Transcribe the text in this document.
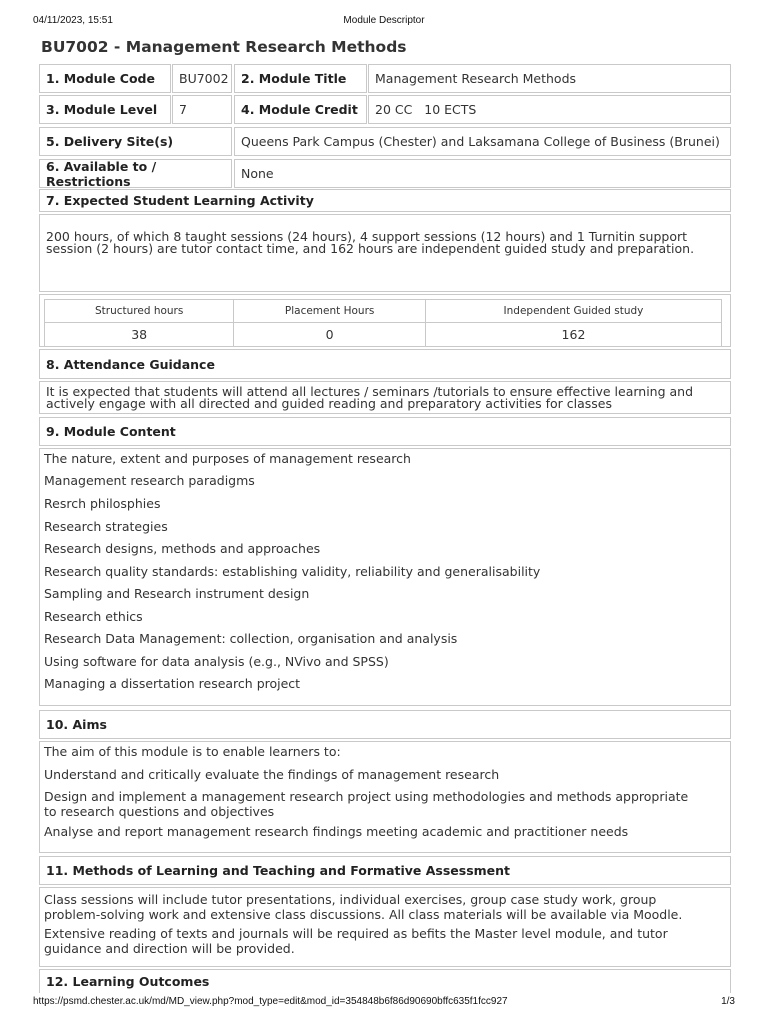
04/11/2023, 15:51	Module Descriptor
BU7002 - Management Research Methods
1. Module Code	BU7002 2. Module Title	Management Research Methods
3. Module Level	7	4. Module Credit	20 CC   10 ECTS
5. Delivery Site(s)	Queens Park Campus (Chester) and Laksamana College of Business (Brunei)
6. Available to / Restrictions	None
7. Expected Student Learning Activity
200 hours, of which 8 taught sessions (24 hours), 4 support sessions (12 hours) and 1 Turnitin support session (2 hours) are tutor contact time, and 162 hours are independent guided study and preparation.
Structured hours	Placement Hours	Independent Guided study
38	0	162
8. Attendance Guidance
It is expected that students will attend all lectures / seminars /tutorials to ensure effective learning and actively engage with all directed and guided reading and preparatory activities for classes
9. Module Content
The nature, extent and purposes of management research
Management research paradigms
Resrch philosphies
Research strategies
Research designs, methods and approaches
Research quality standards: establishing validity, reliability and generalisability
Sampling and Research instrument design
Research ethics
Research Data Management: collection, organisation and analysis
Using software for data analysis (e.g., NVivo and SPSS)
Managing a dissertation research project
10. Aims
The aim of this module is to enable learners to:
Understand and critically evaluate the findings of management research
Design and implement a management research project using methodologies and methods appropriate to research questions and objectives
Analyse and report management research findings meeting academic and practitioner needs
11. Methods of Learning and Teaching and Formative Assessment
Class sessions will include tutor presentations, individual exercises, group case study work, group problem-solving work and extensive class discussions. All class materials will be available via Moodle.
Extensive reading of texts and journals will be required as befits the Master level module, and tutor guidance and direction will be provided.
12. Learning Outcomes
https://psmd.chester.ac.uk/md/MD_view.php?mod_type=edit&mod_id=354848b6f86d90690bffc635f1fcc927	1/3
